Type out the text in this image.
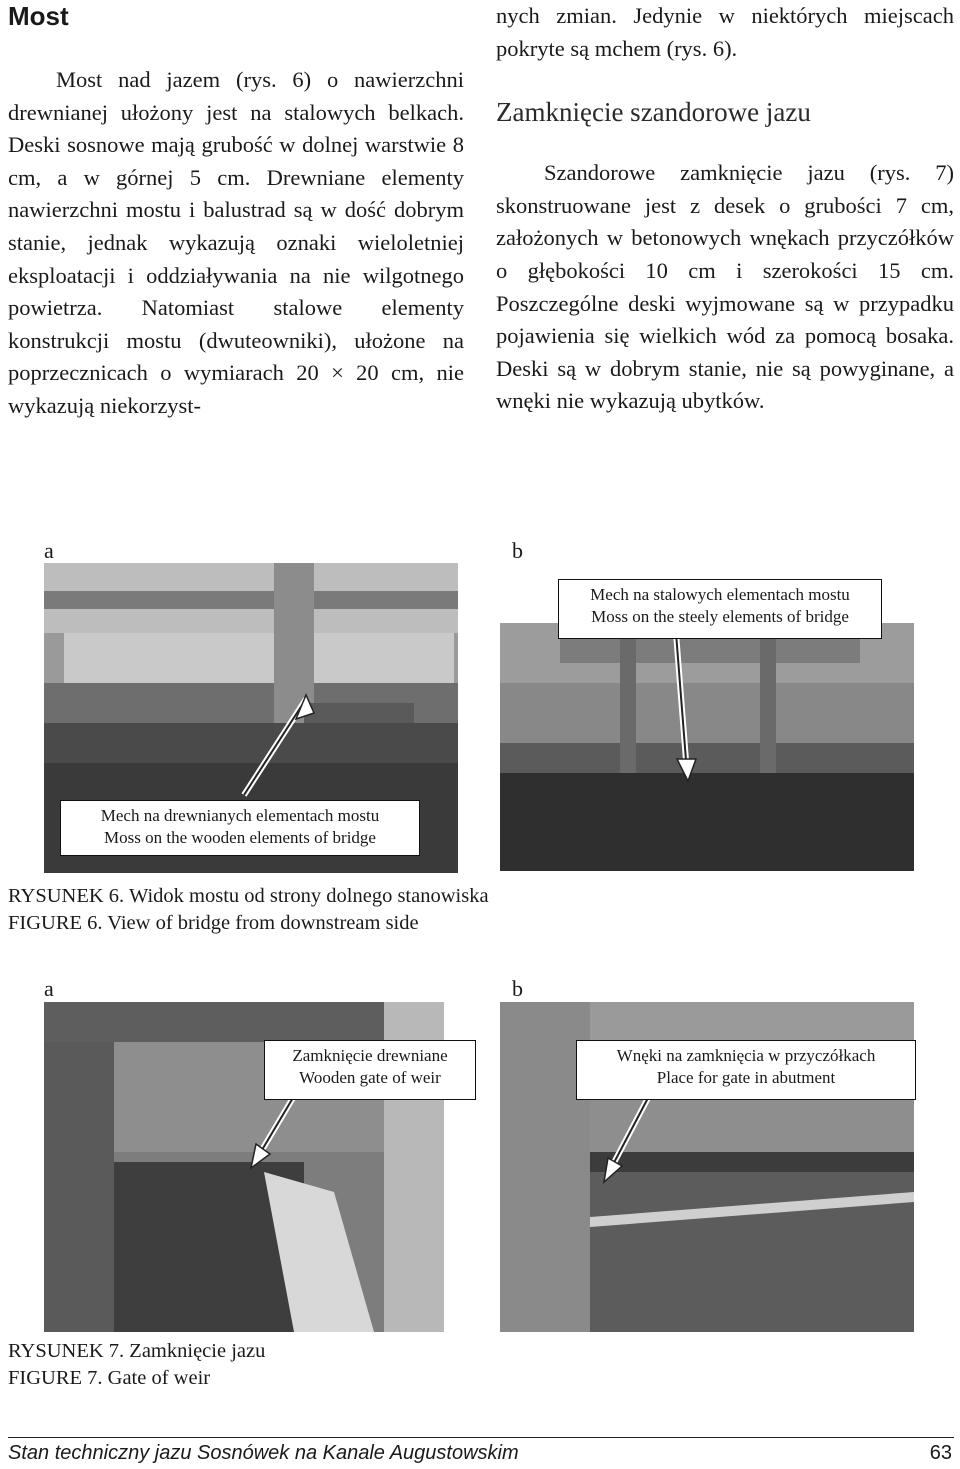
Most

Most nad jazem (rys. 6) o nawierzchni drewnianej ułożony jest na stalowych belkach. Deski sosnowe mają grubość w dolnej warstwie 8 cm, a w górnej 5 cm. Drewniane elementy nawierzchni mostu i balustrad są w dość dobrym stanie, jednak wykazują oznaki wieloletniej eksploatacji i oddziaływania na nie wilgotnego powietrza. Natomiast stalowe elementy konstrukcji mostu (dwuteowniki), ułożone na poprzecznicach o wymiarach 20 × 20 cm, nie wykazują niekorzyst-

nych zmian. Jedynie w niektórych miejscach pokryte są mchem (rys. 6).

Zamknięcie szandorowe jazu

Szandorowe zamknięcie jazu (rys. 7) skonstruowane jest z desek o grubości 7 cm, założonych w betonowych wnękach przyczółków o głębokości 10 cm i szerokości 15 cm. Poszczególne deski wyjmowane są w przypadku pojawienia się wielkich wód za pomocą bosaka. Deski są w dobrym stanie, nie są powyginane, a wnęki nie wykazują ubytków.

a	b
Mech na drewnianych elementach mostu
Moss on the wooden elements of bridge
Mech na stalowych elementach mostu
Moss on the steely elements of bridge
RYSUNEK 6. Widok mostu od strony dolnego stanowiska
FIGURE 6. View of bridge from downstream side
a	b
Zamknięcie drewniane
Wooden gate of weir
Wnęki na zamknięcia w przyczółkach
Place for gate in abutment
RYSUNEK 7. Zamknięcie jazu
FIGURE 7. Gate of weir
Stan techniczny jazu Sosnówek na Kanale Augustowskim	63
